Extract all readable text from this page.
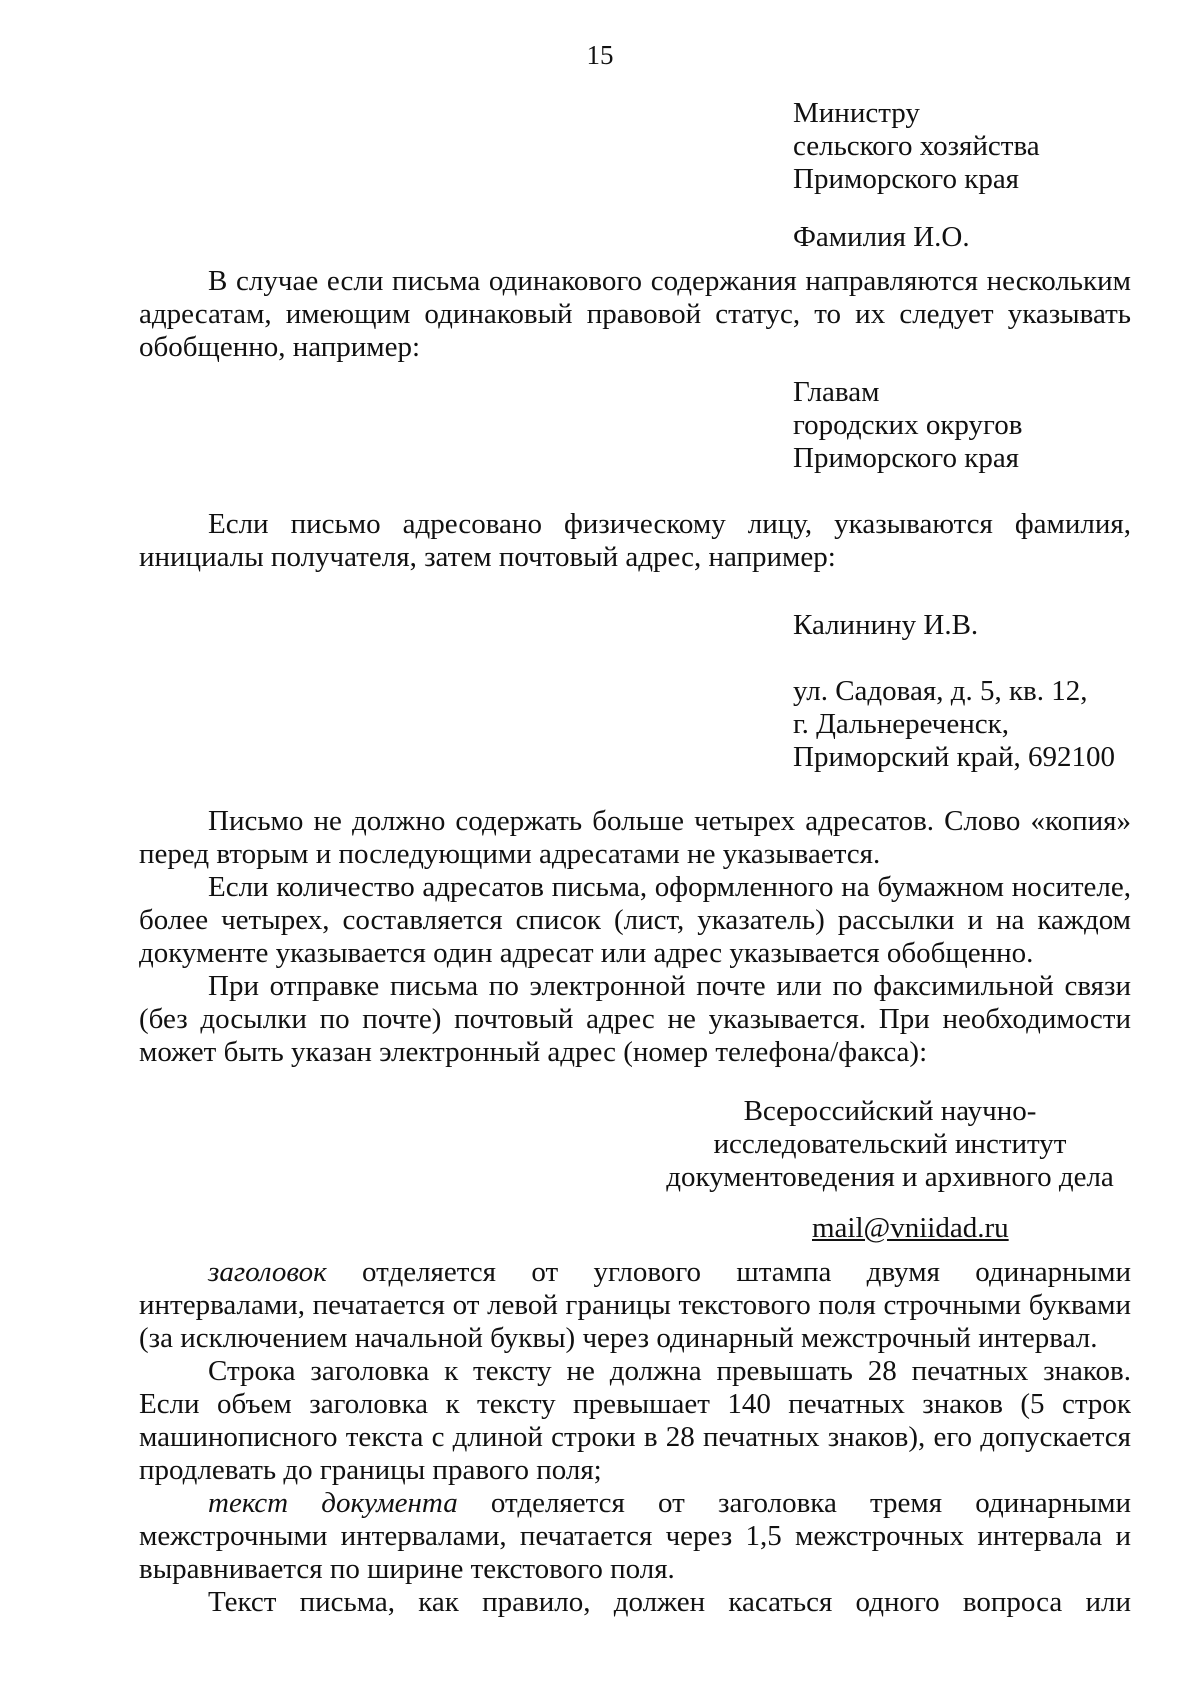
15
Министру
сельского хозяйства
Приморского края
Фамилия И.О.
В случае если письма одинакового содержания направляются нескольким
адресатам, имеющим одинаковый правовой статус, то их следует указывать
обобщенно, например:
Главам
городских округов
Приморского края
Если письмо адресовано физическому лицу, указываются фамилия,
инициалы получателя, затем почтовый адрес, например:
Калинину И.В.
ул. Садовая, д. 5, кв. 12,
г. Дальнереченск,
Приморский край, 692100
Письмо не должно содержать больше четырех адресатов. Слово «копия»
перед вторым и последующими адресатами не указывается.
Если количество адресатов письма, оформленного на бумажном носителе,
более четырех, составляется список (лист, указатель) рассылки и на каждом
документе указывается один адресат или адрес указывается обобщенно.
При отправке письма по электронной почте или по факсимильной связи
(без досылки по почте) почтовый адрес не указывается. При необходимости
может быть указан электронный адрес (номер телефона/факса):
Всероссийский научно-
исследовательский институт
документоведения и архивного дела
mail@vniidad.ru
заголовок отделяется от углового штампа двумя одинарными
интервалами, печатается от левой границы текстового поля строчными буквами
(за исключением начальной буквы) через одинарный межстрочный интервал.
Строка заголовка к тексту не должна превышать 28 печатных знаков.
Если объем заголовка к тексту превышает 140 печатных знаков (5 строк
машинописного текста с длиной строки в 28 печатных знаков), его допускается
продлевать до границы правого поля;
текст документа отделяется от заголовка тремя одинарными
межстрочными интервалами, печатается через 1,5 межстрочных интервала и
выравнивается по ширине текстового поля.
Текст письма, как правило, должен касаться одного вопроса или
